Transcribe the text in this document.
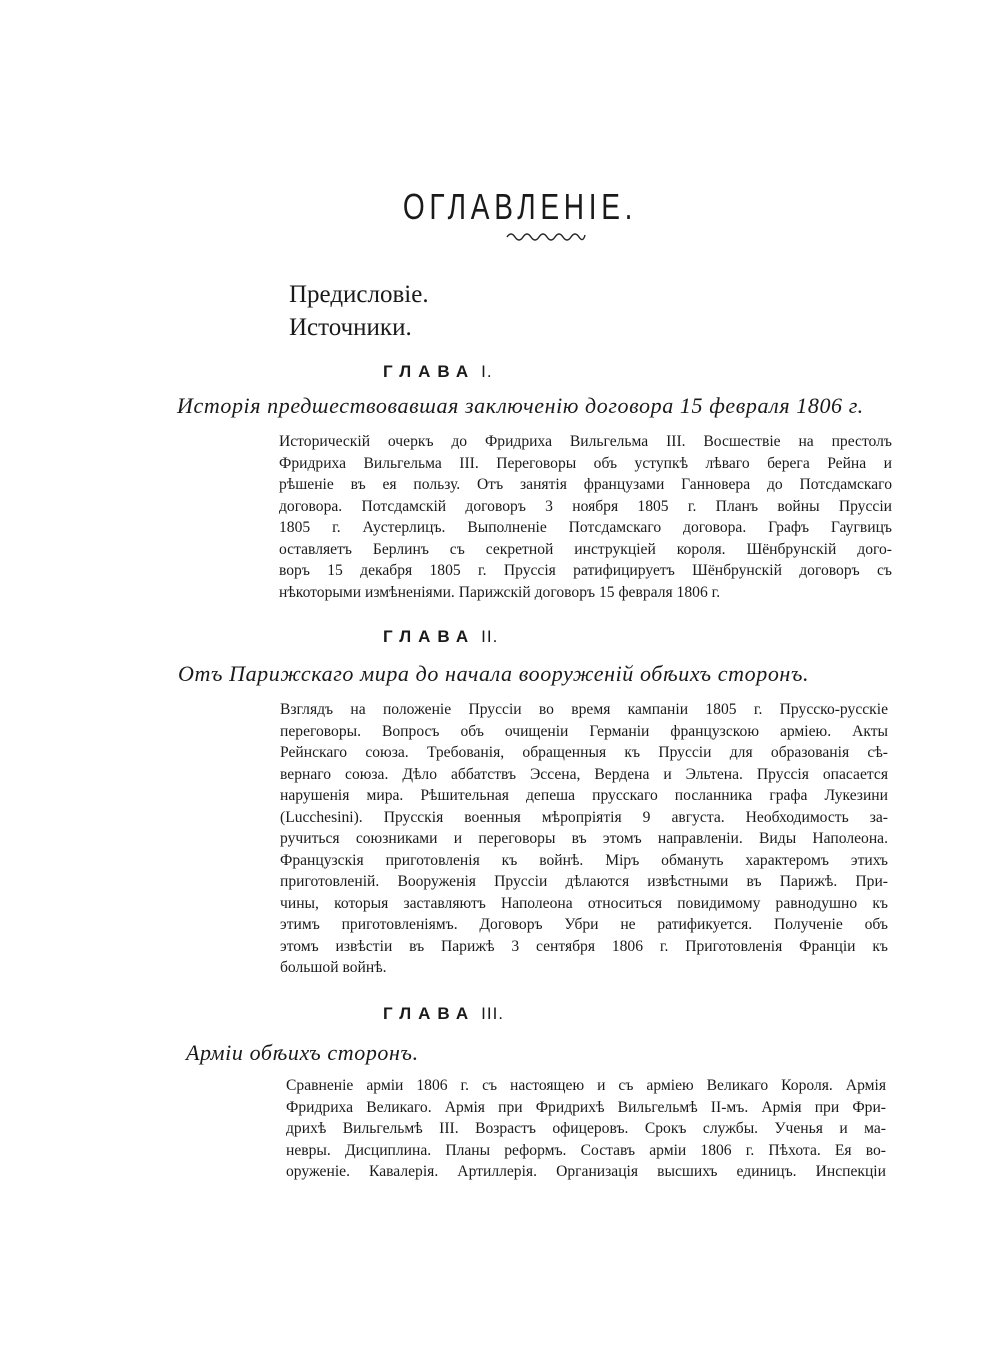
ОГЛАВЛЕНІЕ.
Предисловіе.
Источники.
ГЛАВА I.
Исторія предшествовавшая заключенію договора 15 февраля 1806 г.
Историческій очеркъ до Фридриха Вильгельма III. Восшествіе на престолъ
Фридриха Вильгельма III. Переговоры объ уступкѣ лѣваго берега Рейна и
рѣшеніе въ ея пользу. Отъ занятія французами Ганновера до Потсдамскаго
договора. Потсдамскій договоръ 3 ноября 1805 г. Планъ войны Пруссіи
1805 г. Аустерлицъ. Выполненіе Потсдамскаго договора. Графъ Гаугвицъ
оставляетъ Берлинъ съ секретной инструкціей короля. Шёнбрунскій дого-
воръ 15 декабря 1805 г. Пруссія ратифицируетъ Шёнбрунскій договоръ съ
нѣкоторыми измѣненіями. Парижскій договоръ 15 февраля 1806 г.
ГЛАВА II.
Отъ Парижскаго мира до начала вооруженій обѣихъ сторонъ.
Взглядъ на положеніе Пруссіи во время кампаніи 1805 г. Прусско-русскіе
переговоры. Вопросъ объ очищеніи Германіи французскою арміею. Акты
Рейнскаго союза. Требованія, обращенныя къ Пруссіи для образованія сѣ-
вернаго союза. Дѣло аббатствъ Эссена, Вердена и Эльтена. Пруссія опасается
нарушенія мира. Рѣшительная депеша прусскаго посланника графа Лукезини
(Lucchesini). Прусскія военныя мѣропріятія 9 августа. Необходимость за-
ручиться союзниками и переговоры въ этомъ направленіи. Виды Наполеона.
Французскія приготовленія къ войнѣ. Міръ обмануть характеромъ этихъ
приготовленій. Вооруженія Пруссіи дѣлаются извѣстными въ Парижѣ. При-
чины, которыя заставляютъ Наполеона относиться повидимому равнодушно къ
этимъ приготовленіямъ. Договоръ Убри не ратификуется. Полученіе объ
этомъ извѣстіи въ Парижѣ 3 сентября 1806 г. Приготовленія Франціи къ
большой войнѣ.
ГЛАВА III.
Арміи обѣихъ сторонъ.
Сравненіе арміи 1806 г. съ настоящею и съ арміею Великаго Короля. Армія
Фридриха Великаго. Армія при Фридрихѣ Вильгельмѣ II-мъ. Армія при Фри-
дрихѣ Вильгельмѣ III. Возрастъ офицеровъ. Срокъ службы. Ученья и ма-
невры. Дисциплина. Планы реформъ. Составъ арміи 1806 г. Пѣхота. Ея во-
оруженіе. Кавалерія. Артиллерія. Организація высшихъ единицъ. Инспекціи
